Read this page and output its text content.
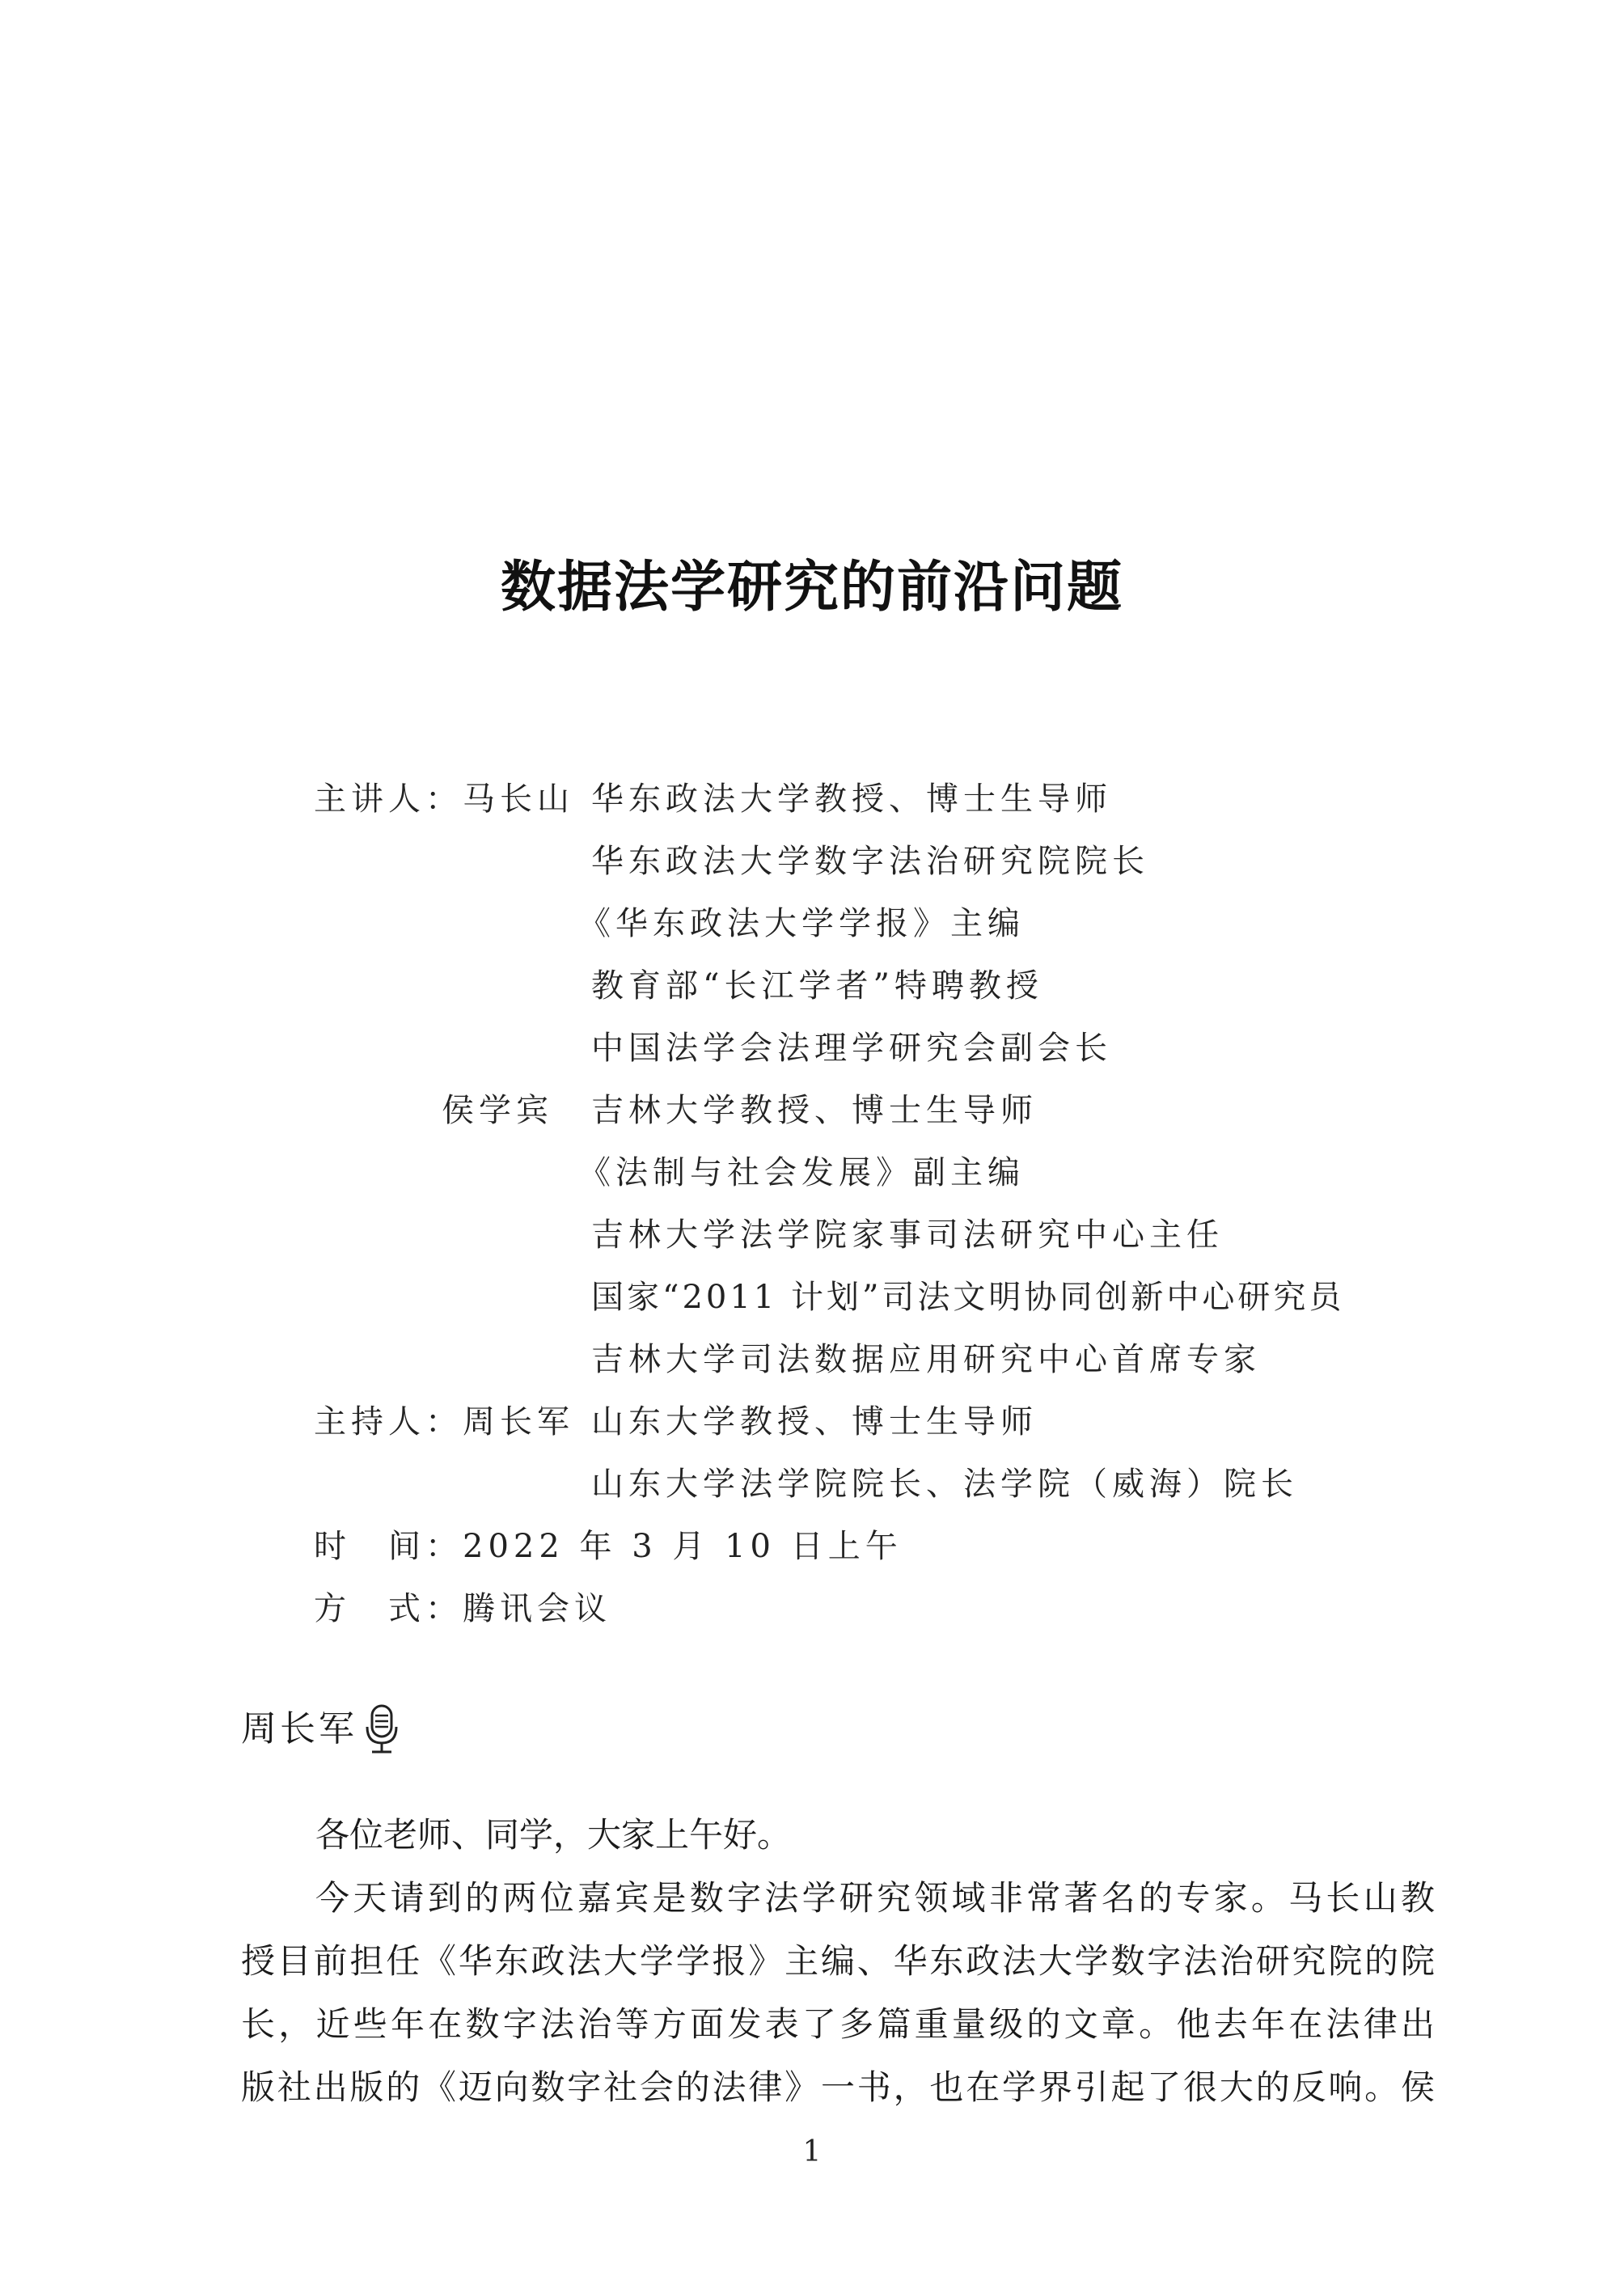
数据法学研究的前沿问题
主讲人：马长山 华东政法大学教授、博士生导师
华东政法大学数字法治研究院院长
《华东政法大学学报》主编
教育部“长江学者”特聘教授
中国法学会法理学研究会副会长
侯学宾 吉林大学教授、博士生导师
《法制与社会发展》副主编
吉林大学法学院家事司法研究中心主任
国家“2011 计划”司法文明协同创新中心研究员
吉林大学司法数据应用研究中心首席专家
主持人：周长军 山东大学教授、博士生导师
山东大学法学院院长、法学院（威海）院长
时　间：2022 年 3 月 10 日上午
方　式：腾讯会议
周长军
各位老师、同学，大家上午好。
今天请到的两位嘉宾是数字法学研究领域非常著名的专家。马长山教
授目前担任《华东政法大学学报》主编、华东政法大学数字法治研究院的院
长，近些年在数字法治等方面发表了多篇重量级的文章。他去年在法律出
版社出版的《迈向数字社会的法律》一书，也在学界引起了很大的反响。侯
1
